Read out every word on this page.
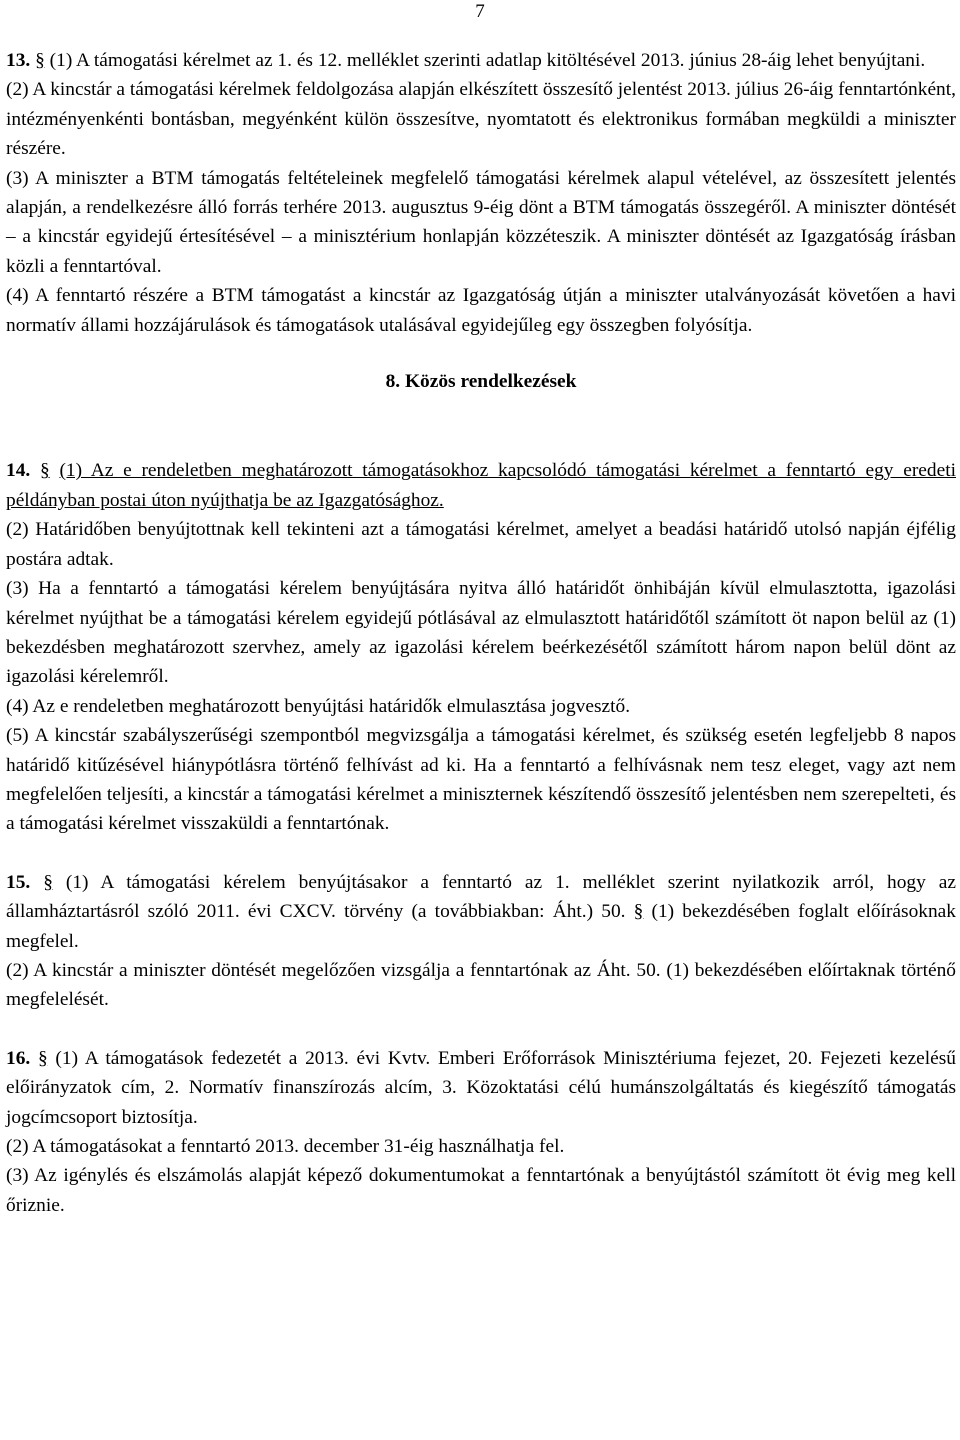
7

13. § (1) A támogatási kérelmet az 1. és 12. melléklet szerinti adatlap kitöltésével 2013. június 28-áig lehet benyújtani.

(2) A kincstár a támogatási kérelmek feldolgozása alapján elkészített összesítő jelentést 2013. július 26-áig fenntartónként, intézményenkénti bontásban, megyénként külön összesítve, nyomtatott és elektronikus formában megküldi a miniszter részére.

(3) A miniszter a BTM támogatás feltételeinek megfelelő támogatási kérelmek alapul vételével, az összesített jelentés alapján, a rendelkezésre álló forrás terhére 2013. augusztus 9-éig dönt a BTM támogatás összegéről. A miniszter döntését – a kincstár egyidejű értesítésével – a minisztérium honlapján közzéteszik. A miniszter döntését az Igazgatóság írásban közli a fenntartóval.

(4) A fenntartó részére a BTM támogatást a kincstár az Igazgatóság útján a miniszter utalványozását követően a havi normatív állami hozzájárulások és támogatások utalásával egyidejűleg egy összegben folyósítja.

8. Közös rendelkezések

14. § (1) Az e rendeletben meghatározott támogatásokhoz kapcsolódó támogatási kérelmet a fenntartó egy eredeti példányban postai úton nyújthatja be az Igazgatósághoz.

(2) Határidőben benyújtottnak kell tekinteni azt a támogatási kérelmet, amelyet a beadási határidő utolsó napján éjfélig postára adtak.

(3) Ha a fenntartó a támogatási kérelem benyújtására nyitva álló határidőt önhibáján kívül elmulasztotta, igazolási kérelmet nyújthat be a támogatási kérelem egyidejű pótlásával az elmulasztott határidőtől számított öt napon belül az (1) bekezdésben meghatározott szervhez, amely az igazolási kérelem beérkezésétől számított három napon belül dönt az igazolási kérelemről.

(4) Az e rendeletben meghatározott benyújtási határidők elmulasztása jogvesztő.

(5) A kincstár szabályszerűségi szempontból megvizsgálja a támogatási kérelmet, és szükség esetén legfeljebb 8 napos határidő kitűzésével hiánypótlásra történő felhívást ad ki. Ha a fenntartó a felhívásnak nem tesz eleget, vagy azt nem megfelelően teljesíti, a kincstár a támogatási kérelmet a miniszternek készítendő összesítő jelentésben nem szerepelteti, és a támogatási kérelmet visszaküldi a fenntartónak.

15. § (1) A támogatási kérelem benyújtásakor a fenntartó az 1. melléklet szerint nyilatkozik arról, hogy az államháztartásról szóló 2011. évi CXCV. törvény (a továbbiakban: Áht.) 50. § (1) bekezdésében foglalt előírásoknak megfelel.

(2) A kincstár a miniszter döntését megelőzően vizsgálja a fenntartónak az Áht. 50. (1) bekezdésében előírtaknak történő megfelelését.

16. § (1) A támogatások fedezetét a 2013. évi Kvtv. Emberi Erőforrások Minisztériuma fejezet, 20. Fejezeti kezelésű előirányzatok cím, 2. Normatív finanszírozás alcím, 3. Közoktatási célú humánszolgáltatás és kiegészítő támogatás jogcímcsoport biztosítja.

(2) A támogatásokat a fenntartó 2013. december 31-éig használhatja fel.

(3) Az igénylés és elszámolás alapját képező dokumentumokat a fenntartónak a benyújtástól számított öt évig meg kell őriznie.
